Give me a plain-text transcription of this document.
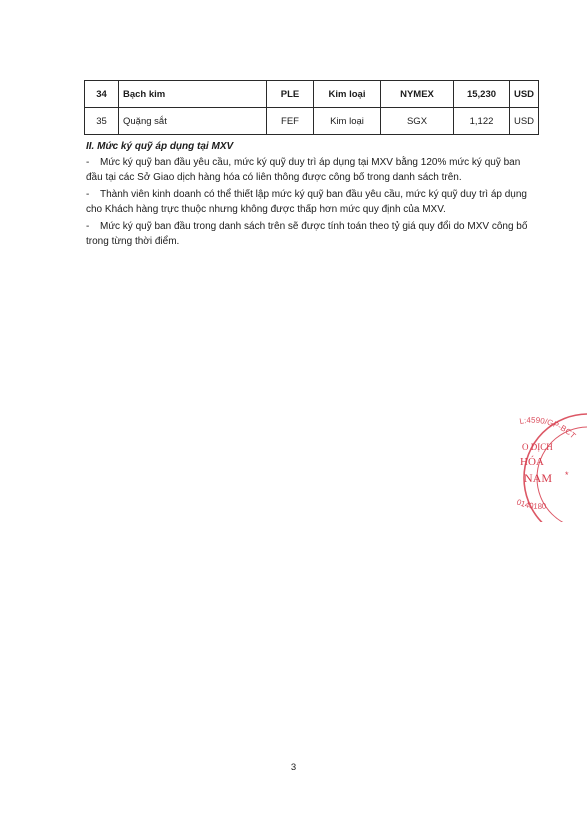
34	Bạch kim	PLE	Kim loại	NYMEX	15,230	USD
35	Quặng sắt	FEF	Kim loại	SGX	1,122	USD
II. Mức ký quỹ áp dụng tại MXV

- Mức ký quỹ ban đầu yêu cầu, mức ký quỹ duy trì áp dụng tại MXV bằng 120% mức ký quỹ ban đầu tại các Sở Giao dịch hàng hóa có liên thông được công bố trong danh sách trên.

- Thành viên kinh doanh có thể thiết lập mức ký quỹ ban đầu yêu cầu, mức ký quỹ duy trì áp dụng cho Khách hàng trực thuộc nhưng không được thấp hơn mức quy định của MXV.

- Mức ký quỹ ban đầu trong danh sách trên sẽ được tính toán theo tỷ giá quy đổi do MXV công bố trong từng thời điểm.

L:4590/GP-BCT
0140180
O DỊCH
HÓA
NAM *
3
